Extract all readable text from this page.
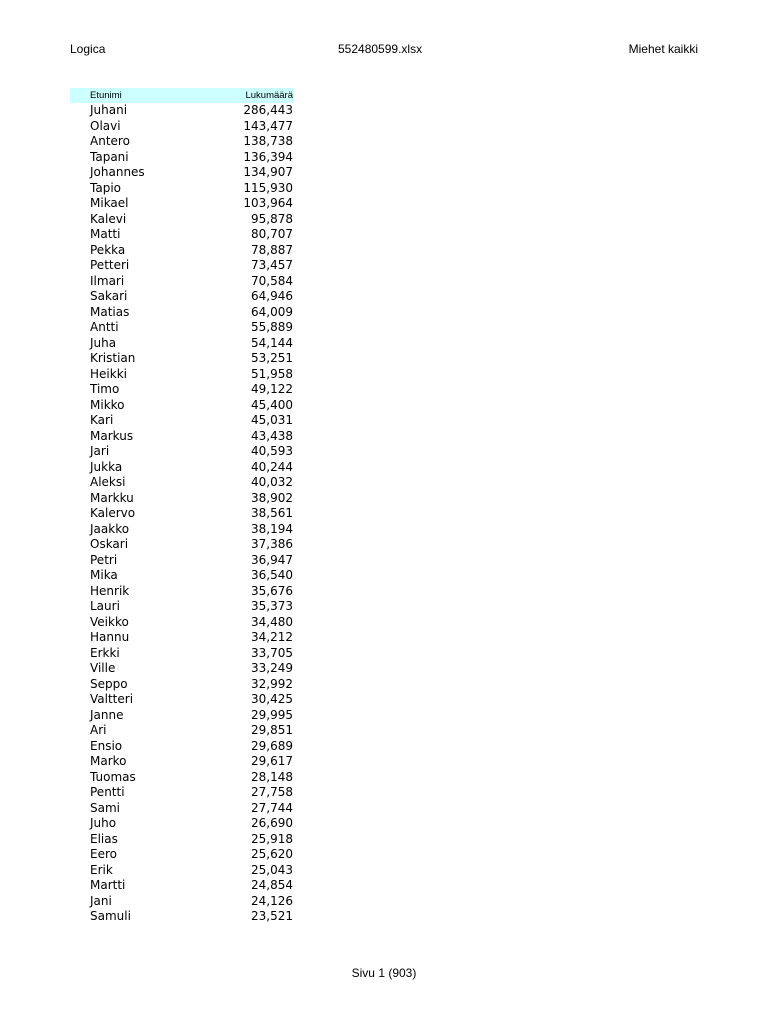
Logica	552480599.xlsx	Miehet kaikki
Etunimi	Lukumäärä
Juhani	286,443
Olavi	143,477
Antero	138,738
Tapani	136,394
Johannes	134,907
Tapio	115,930
Mikael	103,964
Kalevi	95,878
Matti	80,707
Pekka	78,887
Petteri	73,457
Ilmari	70,584
Sakari	64,946
Matias	64,009
Antti	55,889
Juha	54,144
Kristian	53,251
Heikki	51,958
Timo	49,122
Mikko	45,400
Kari	45,031
Markus	43,438
Jari	40,593
Jukka	40,244
Aleksi	40,032
Markku	38,902
Kalervo	38,561
Jaakko	38,194
Oskari	37,386
Petri	36,947
Mika	36,540
Henrik	35,676
Lauri	35,373
Veikko	34,480
Hannu	34,212
Erkki	33,705
Ville	33,249
Seppo	32,992
Valtteri	30,425
Janne	29,995
Ari	29,851
Ensio	29,689
Marko	29,617
Tuomas	28,148
Pentti	27,758
Sami	27,744
Juho	26,690
Elias	25,918
Eero	25,620
Erik	25,043
Martti	24,854
Jani	24,126
Samuli	23,521
Sivu 1 (903)
